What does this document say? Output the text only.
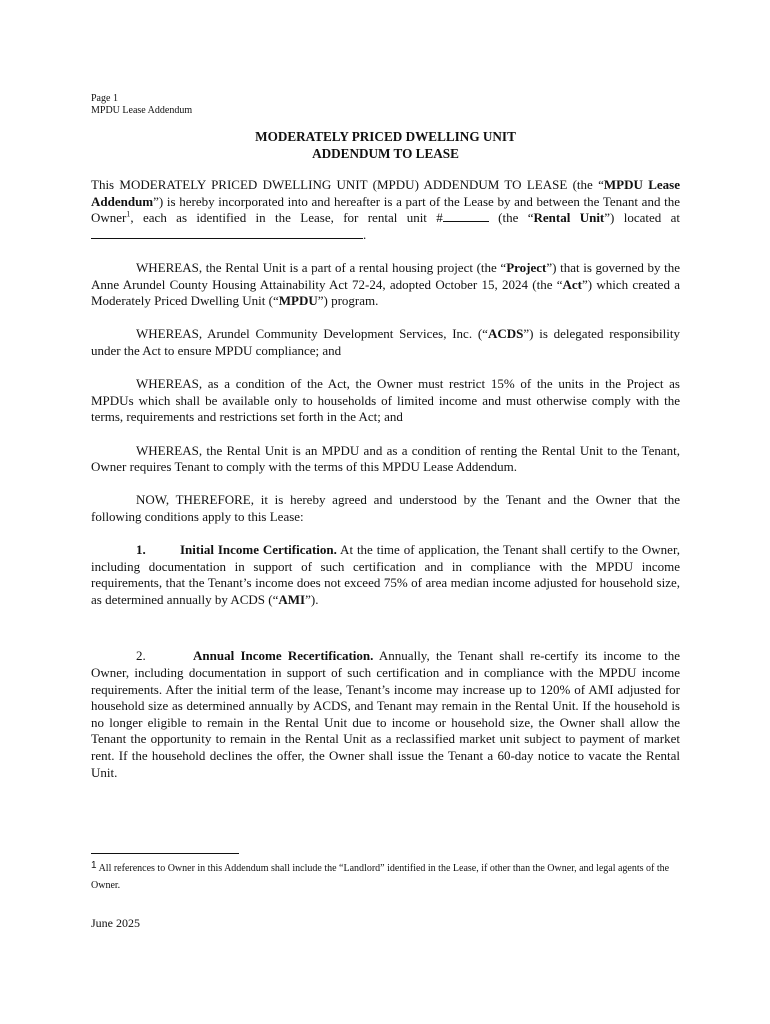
Page 1
MPDU Lease Addendum
MODERATELY PRICED DWELLING UNIT
ADDENDUM TO LEASE

This MODERATELY PRICED DWELLING UNIT (MPDU) ADDENDUM TO LEASE (the “MPDU Lease Addendum”) is hereby incorporated into and hereafter is a part of the Lease by and between the Tenant and the Owner$^1$, each as identified in the Lease, for rental unit #	(the “Rental Unit”) located at .

WHEREAS, the Rental Unit is a part of a rental housing project (the “Project”) that is governed by the Anne Arundel County Housing Attainability Act 72-24, adopted October 15, 2024 (the “Act”) which created a Moderately Priced Dwelling Unit (“MPDU”) program.

WHEREAS, Arundel Community Development Services, Inc. (“ACDS”) is delegated responsibility under the Act to ensure MPDU compliance; and

WHEREAS, as a condition of the Act, the Owner must restrict 15% of the units in the Project as MPDUs which shall be available only to households of limited income and must otherwise comply with the terms, requirements and restrictions set forth in the Act; and

WHEREAS, the Rental Unit is an MPDU and as a condition of renting the Rental Unit to the Tenant, Owner requires Tenant to comply with the terms of this MPDU Lease Addendum.

NOW, THEREFORE, it is hereby agreed and understood by the Tenant and the Owner that the following conditions apply to this Lease:

1.	Initial Income Certification. At the time of application, the Tenant shall certify to the Owner, including documentation in support of such certification and in compliance with the MPDU income requirements, that the Tenant’s income does not exceed 75% of area median income adjusted for household size, as determined annually by ACDS (“AMI”).

2.	Annual Income Recertification. Annually, the Tenant shall re-certify its income to the Owner, including documentation in support of such certification and in compliance with the MPDU income requirements. After the initial term of the lease, Tenant’s income may increase up to 120% of AMI adjusted for household size as determined annually by ACDS, and Tenant may remain in the Rental Unit. If the household is no longer eligible to remain in the Rental Unit due to income or household size, the Owner shall allow the Tenant the opportunity to remain in the Rental Unit as a reclassified market unit subject to payment of market rent. If the household declines the offer, the Owner shall issue the Tenant a 60-day notice to vacate the Rental Unit.

1 All references to Owner in this Addendum shall include the “Landlord” identified in the Lease, if other than the Owner, and legal agents of the Owner.
June 2025
